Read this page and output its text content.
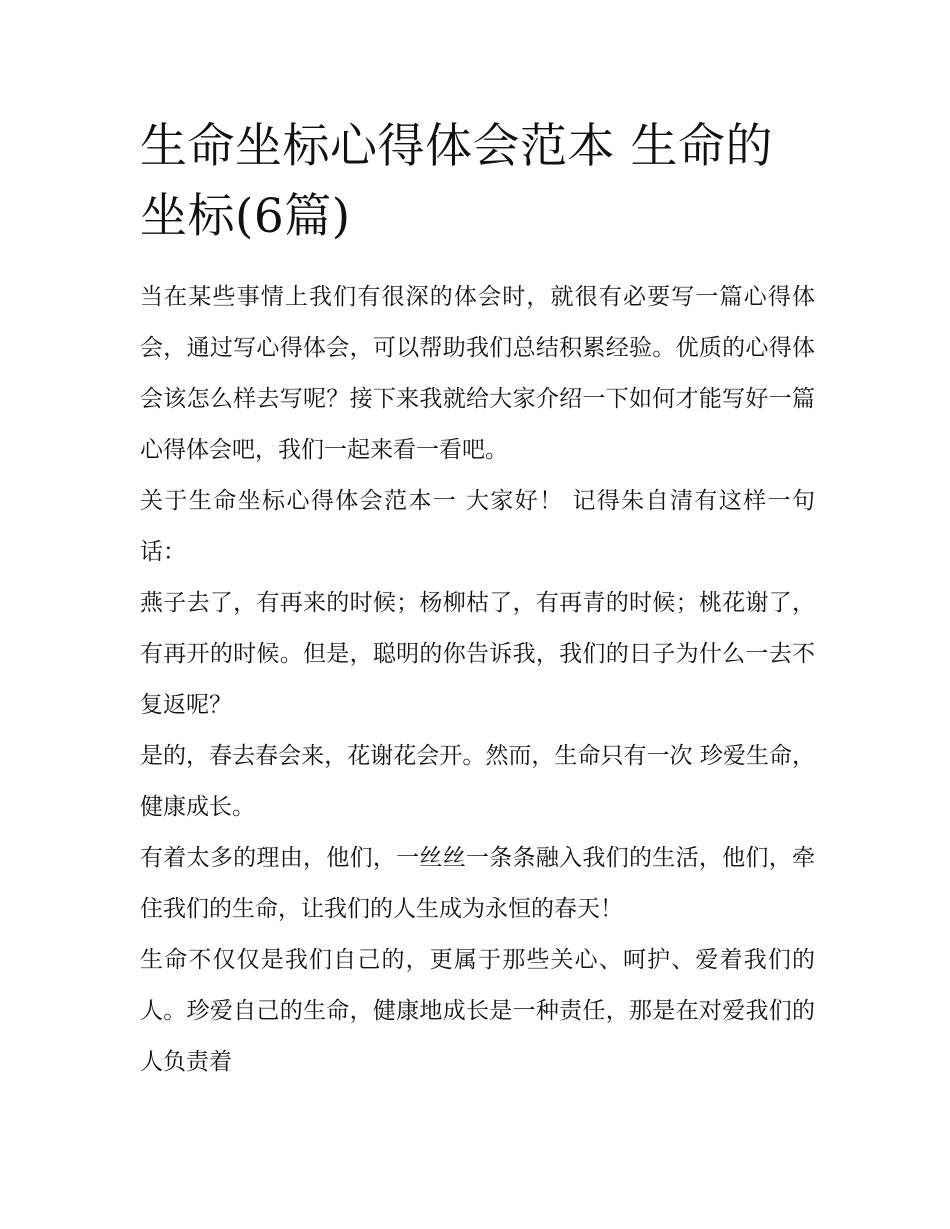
生命坐标心得体会范本 生命的坐标(6篇)

当在某些事情上我们有很深的体会时，就很有必要写一篇心得体会，通过写心得体会，可以帮助我们总结积累经验。优质的心得体会该怎么样去写呢？接下来我就给大家介绍一下如何才能写好一篇心得体会吧，我们一起来看一看吧。

关于生命坐标心得体会范本一 大家好！ 记得朱自清有这样一句话：

燕子去了，有再来的时候；杨柳枯了，有再青的时候；桃花谢了，有再开的时候。但是，聪明的你告诉我，我们的日子为什么一去不复返呢？

是的，春去春会来，花谢花会开。然而，生命只有一次 珍爱生命，健康成长。

有着太多的理由，他们，一丝丝一条条融入我们的生活，他们，牵住我们的生命，让我们的人生成为永恒的春天！

生命不仅仅是我们自己的，更属于那些关心、呵护、爱着我们的人。珍爱自己的生命，健康地成长是一种责任，那是在对爱我们的人负责着
